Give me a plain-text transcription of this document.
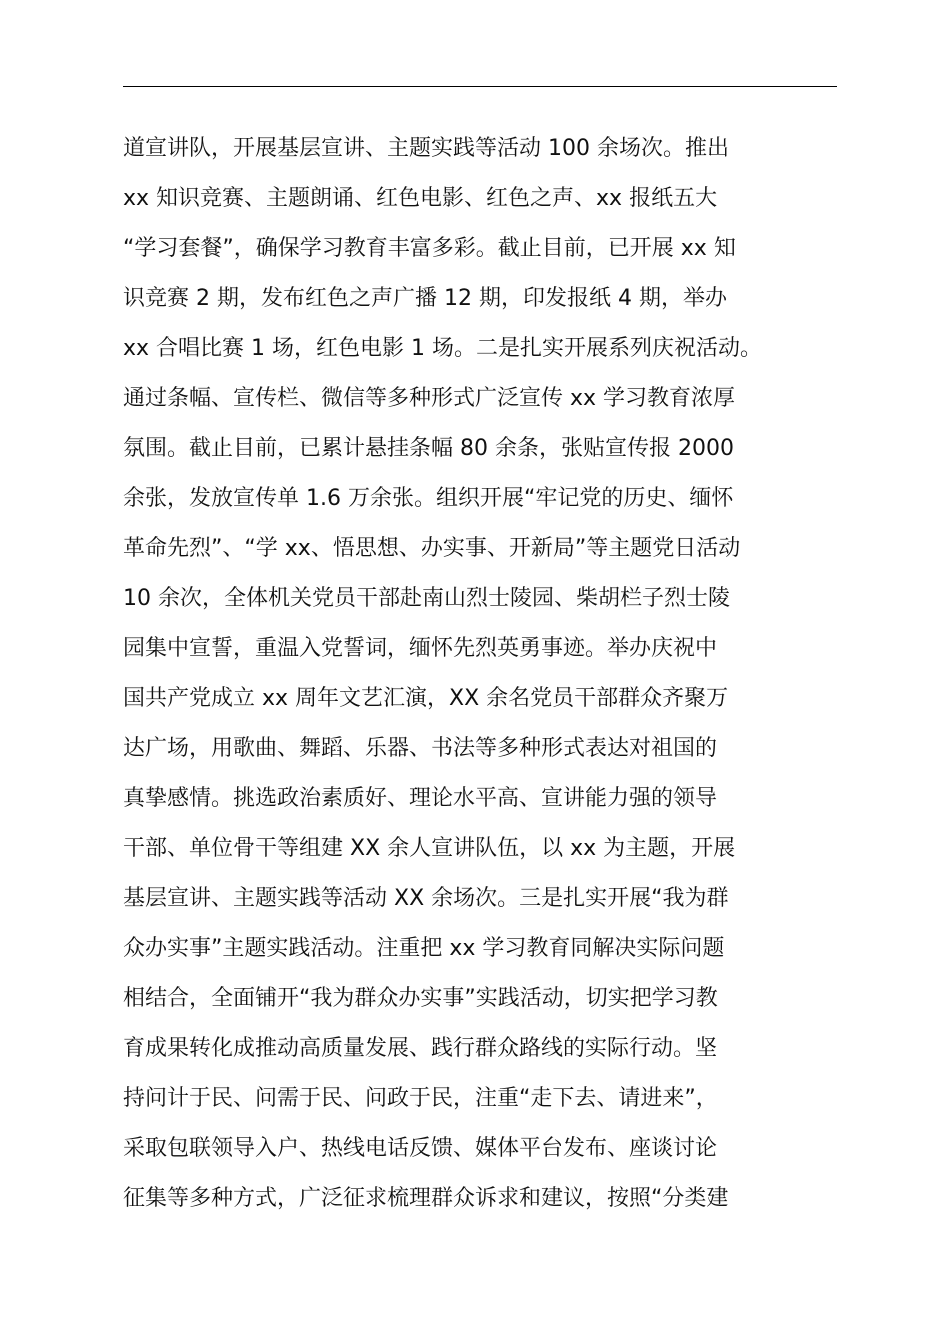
道宣讲队，开展基层宣讲、主题实践等活动 100 余场次。推出
xx 知识竞赛、主题朗诵、红色电影、红色之声、xx 报纸五大
“学习套餐”，确保学习教育丰富多彩。截止目前，已开展 xx 知
识竞赛 2 期，发布红色之声广播 12 期，印发报纸 4 期，举办
xx 合唱比赛 1 场，红色电影 1 场。二是扎实开展系列庆祝活动。
通过条幅、宣传栏、微信等多种形式广泛宣传 xx 学习教育浓厚
氛围。截止目前，已累计悬挂条幅 80 余条，张贴宣传报 2000
余张，发放宣传单 1.6 万余张。组织开展“牢记党的历史、缅怀
革命先烈”、“学 xx、悟思想、办实事、开新局”等主题党日活动
10 余次，全体机关党员干部赴南山烈士陵园、柴胡栏子烈士陵
园集中宣誓，重温入党誓词，缅怀先烈英勇事迹。举办庆祝中
国共产党成立 xx 周年文艺汇演，XX 余名党员干部群众齐聚万
达广场，用歌曲、舞蹈、乐器、书法等多种形式表达对祖国的
真挚感情。挑选政治素质好、理论水平高、宣讲能力强的领导
干部、单位骨干等组建 XX 余人宣讲队伍，以 xx 为主题，开展
基层宣讲、主题实践等活动 XX 余场次。三是扎实开展“我为群
众办实事”主题实践活动。注重把 xx 学习教育同解决实际问题
相结合，全面铺开“我为群众办实事”实践活动，切实把学习教
育成果转化成推动高质量发展、践行群众路线的实际行动。坚
持问计于民、问需于民、问政于民，注重“走下去、请进来”，
采取包联领导入户、热线电话反馈、媒体平台发布、座谈讨论
征集等多种方式，广泛征求梳理群众诉求和建议，按照“分类建
